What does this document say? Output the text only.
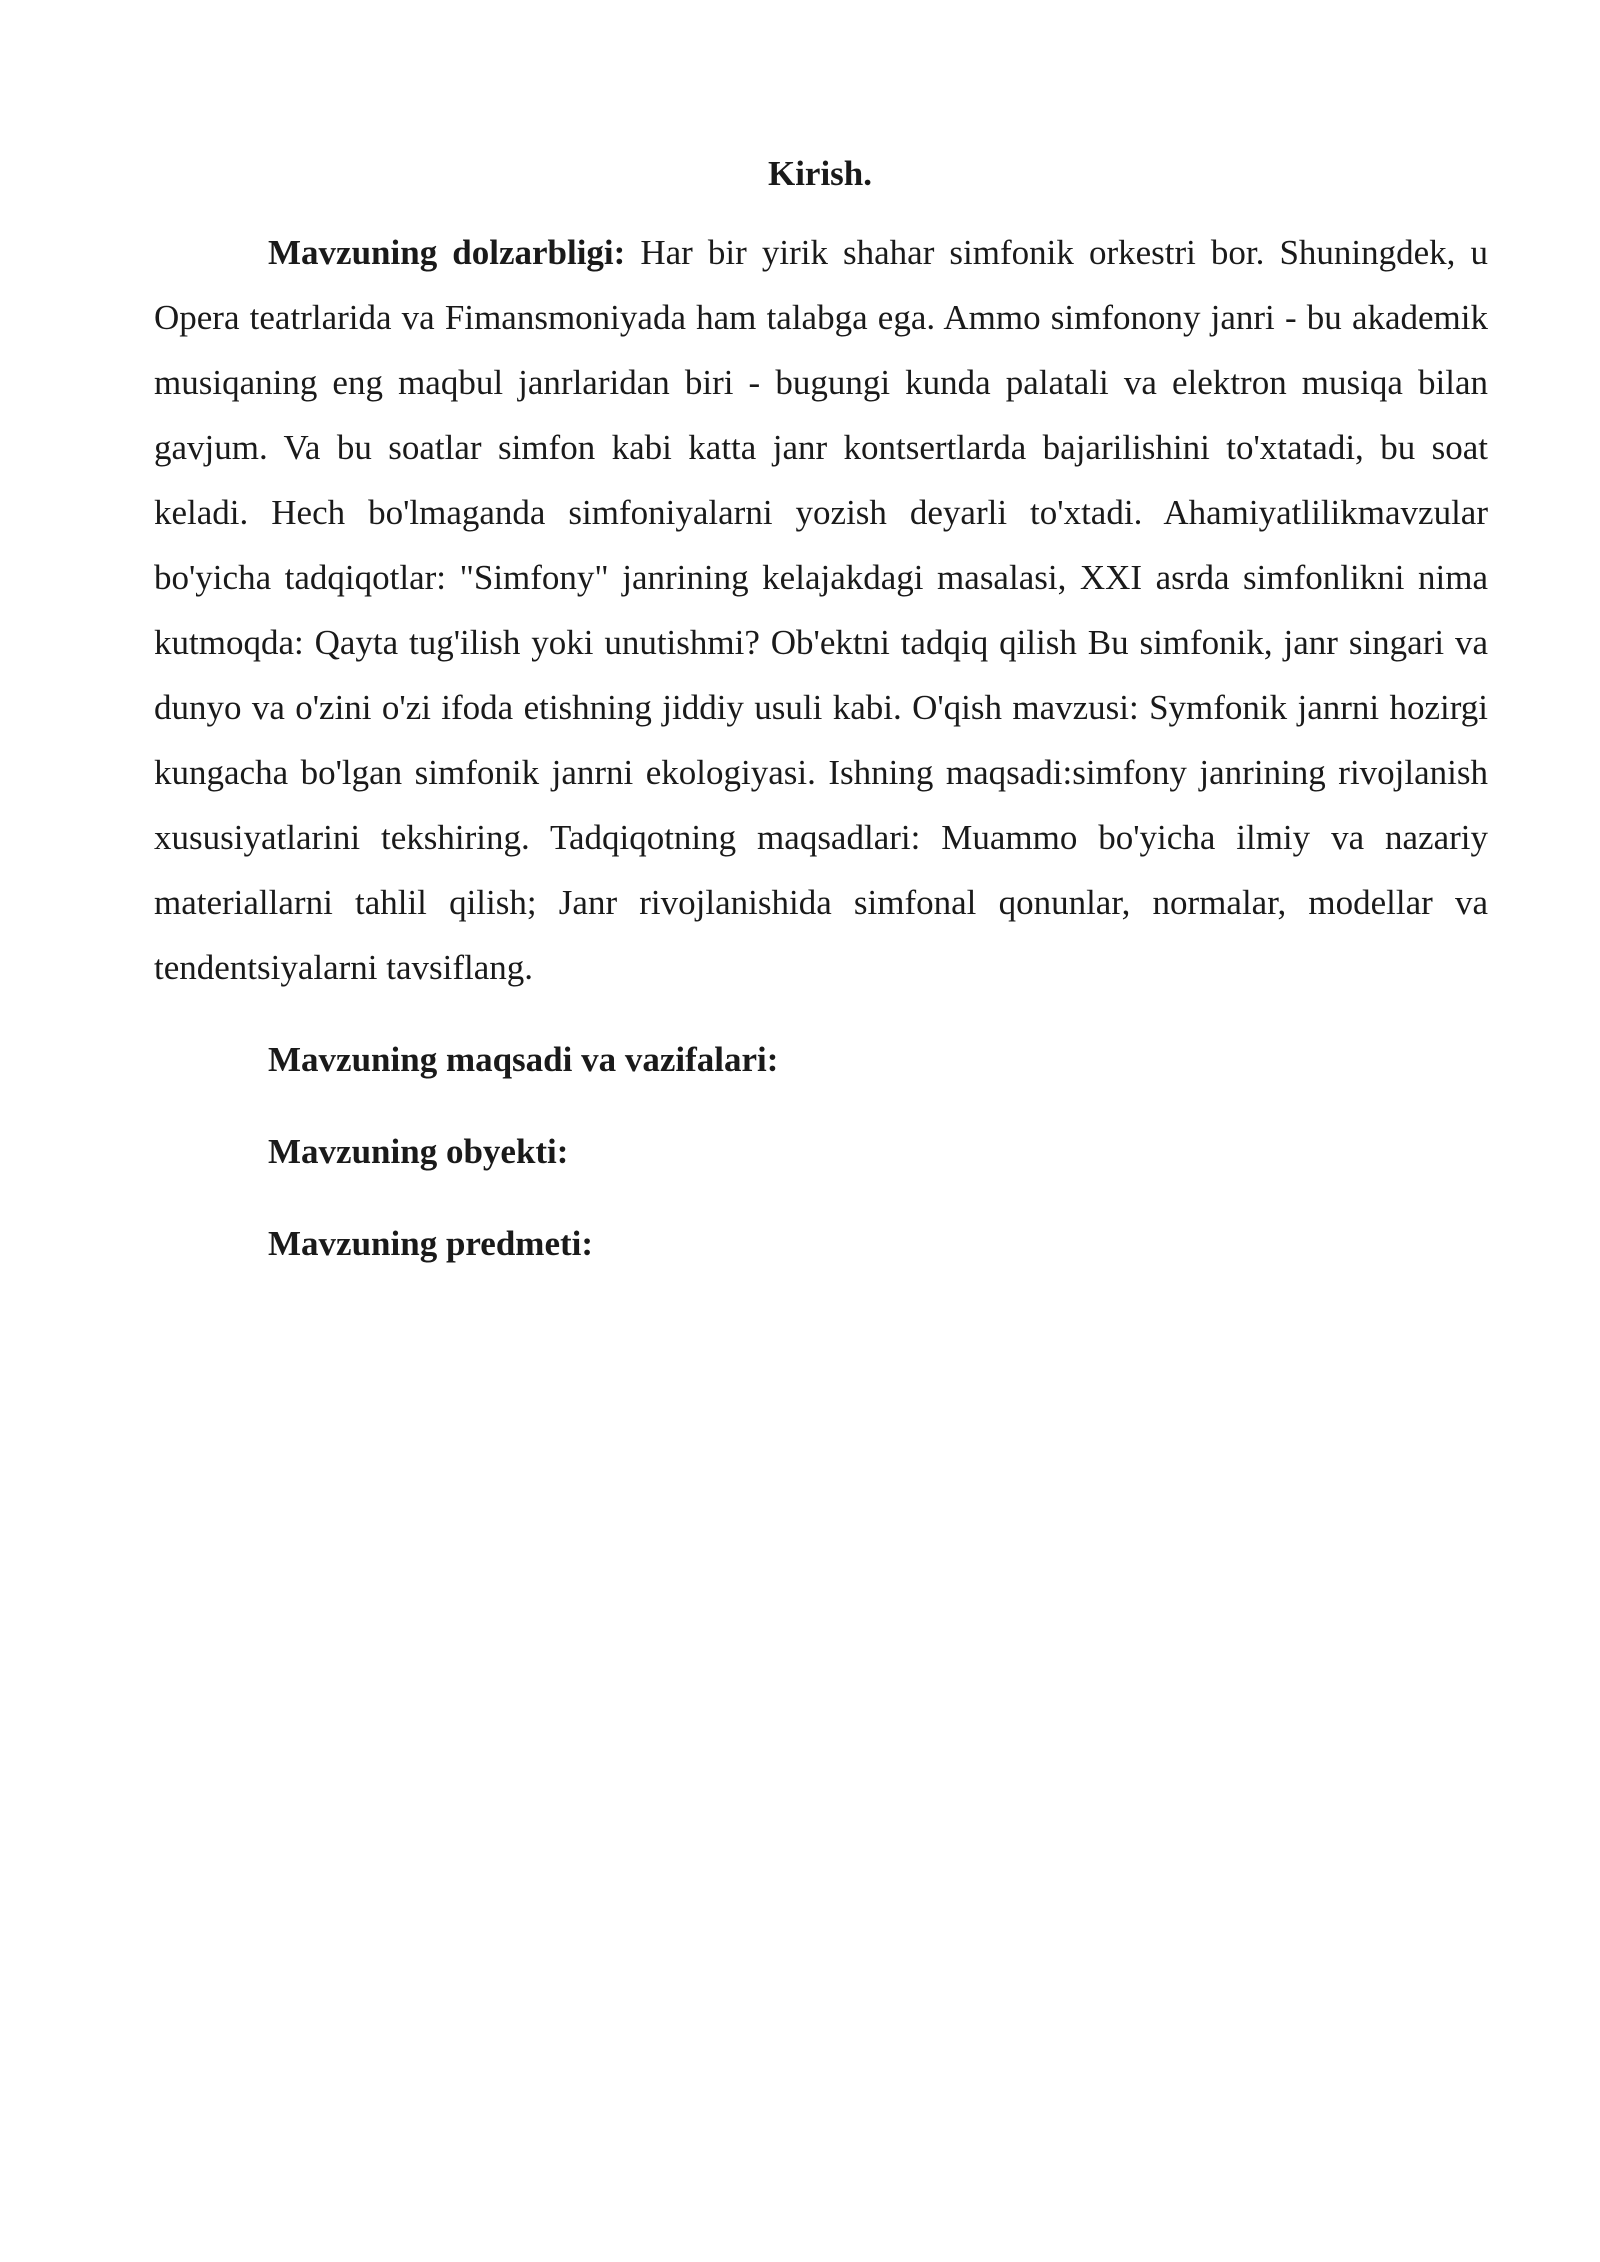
Kirish.

Mavzuning dolzarbligi: Har bir yirik shahar simfonik orkestri bor. Shuningdek, u Opera teatrlarida va Fimansmoniyada ham talabga ega. Ammo simfonony janri - bu akademik musiqaning eng maqbul janrlaridan biri - bugungi kunda palatali va elektron musiqa bilan gavjum. Va bu soatlar simfon kabi katta janr kontsertlarda bajarilishini to'xtatadi, bu soat keladi. Hech bo'lmaganda simfoniyalarni yozish deyarli to'xtadi. Ahamiyatlilikmavzular bo'yicha tadqiqotlar: "Simfony" janrining kelajakdagi masalasi, XXI asrda simfonlikni nima kutmoqda: Qayta tug'ilish yoki unutishmi? Ob'ektni tadqiq qilish Bu simfonik, janr singari va dunyo va o'zini o'zi ifoda etishning jiddiy usuli kabi. O'qish mavzusi: Symfonik janrni hozirgi kungacha bo'lgan simfonik janrni ekologiyasi. Ishning maqsadi:simfony janrining rivojlanish xususiyatlarini tekshiring. Tadqiqotning maqsadlari: Muammo bo'yicha ilmiy va nazariy materiallarni tahlil qilish; Janr rivojlanishida simfonal qonunlar, normalar, modellar va tendentsiyalarni tavsiflang.

Mavzuning maqsadi va vazifalari:

Mavzuning obyekti:

Mavzuning predmeti:
